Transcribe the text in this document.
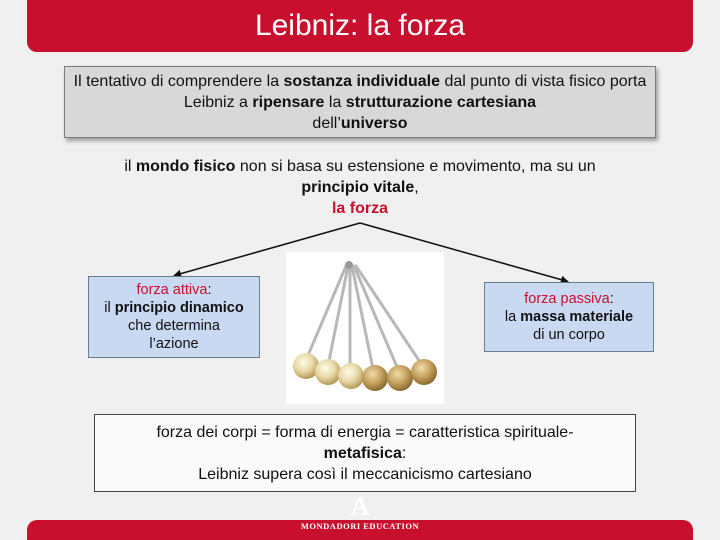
Leibniz: la forza
Il tentativo di comprendere la sostanza individuale dal punto di vista fisico porta Leibniz a ripensare la strutturazione cartesiana
dell’universo
il mondo fisico non si basa su estensione e movimento, ma su un
principio vitale,
la forza
forza attiva:
il principio dinamico
che determina
l’azione
forza passiva:
la massa materiale
di un corpo
forza dei corpi = forma di energia = caratteristica spirituale-
metafisica:
Leibniz supera così il meccanicismo cartesiano
A
MONDADORI EDUCATION
